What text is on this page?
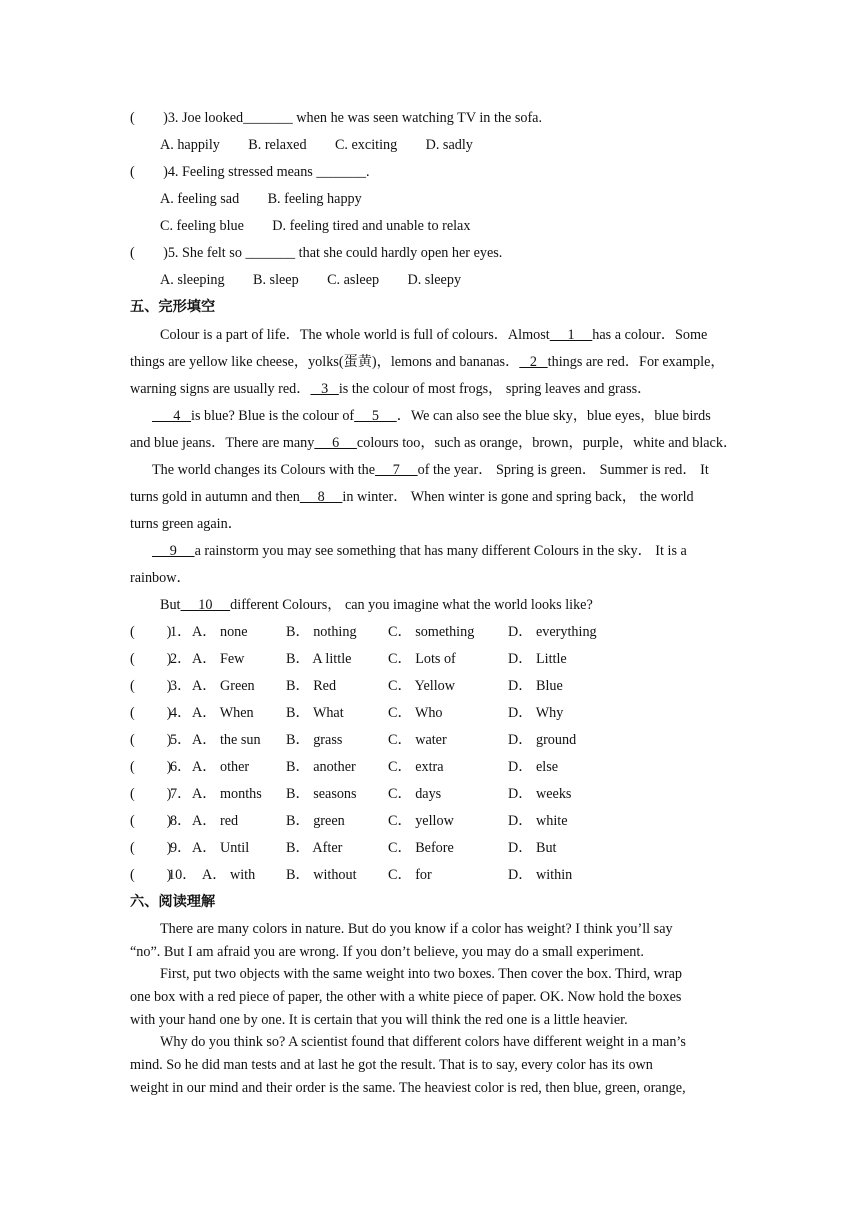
(        )3. Joe looked_______ when he was seen watching TV in the sofa.
A. happily        B. relaxed        C. exciting        D. sadly
(        )4. Feeling stressed means _______.
A. feeling sad        B. feeling happy
C. feeling blue        D. feeling tired and unable to relax
(        )5. She felt so _______ that she could hardly open her eyes.
A. sleeping        B. sleep        C. asleep        D. sleepy
五、完形填空
Colour is a part of life．The whole world is full of colours．Almost     1     has a colour．Some
things are yellow like cheese，yolks(蛋黄)，lemons and bananas．   2   things are red．For example，
warning signs are usually red．   3   is the colour of most frogs， spring leaves and grass．
4   is blue? Blue is the colour of     5     ．We can also see the blue sky，blue eyes，blue birds
and blue jeans．There are many     6     colours too，such as orange，brown，purple，white and black．
The world changes its Colours with the     7     of the year． Spring is green． Summer is red． It
turns gold in autumn and then     8     in winter． When winter is gone and spring back， the world
turns green again．
9     a rainstorm you may see something that has many different Colours in the sky． It is a
rainbow．
But     10     different Colours， can you imagine what the world looks like?
(         )
1． A． none	B． nothing C． something D． everything
(         )
2． A． Few	B． A little	C． Lots of	D． Little
(         )
3． A． Green B． Red	C． Yellow	D． Blue
(         )
4． A． When B． What	C． Who	D． Why
(         )
5． A． the sun B． grass	C． water	D． ground
(         )
6． A． other	B． another C． extra	D． else
(         )
7． A． months B． seasons C． days	D． weeks
(         )
8． A． red	B． green	C． yellow	D． white
(         )
9． A． Until	B． After	C． Before	D． But
(         )
10． A． with B． without C． for	D． within
六、阅读理解
There are many colors in nature. But do you know if a color has weight? I think you’ll say
“no”. But I am afraid you are wrong. If you don’t believe, you may do a small experiment.
First, put two objects with the same weight into two boxes. Then cover the box. Third, wrap
one box with a red piece of paper, the other with a white piece of paper. OK. Now hold the boxes
with your hand one by one. It is certain that you will think the red one is a little heavier.
Why do you think so? A scientist found that different colors have different weight in a man’s
mind. So he did man tests and at last he got the result. That is to say, every color has its own
weight in our mind and their order is the same. The heaviest color is red, then blue, green, orange,
